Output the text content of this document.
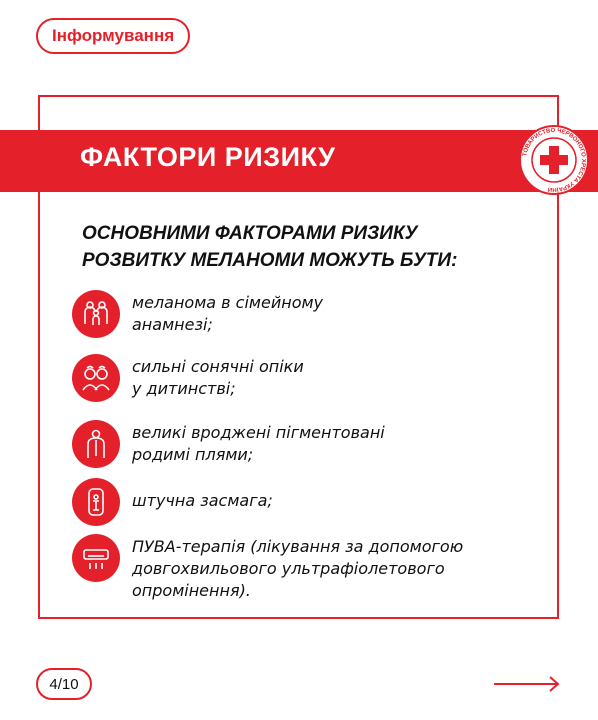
Інформування
ФАКТОРИ РИЗИКУ	ТОВАРИСТВО ЧЕРВОНОГО ХРЕСТА УКРАЇНИ
ОСНОВНИМИ ФАКТОРАМИ РИЗИКУ
РОЗВИТКУ МЕЛАНОМИ МОЖУТЬ БУТИ:
меланома в сімейному
анамнезі;
сильні сонячні опіки
у дитинстві;
великі вроджені пігментовані
родимі плями;
штучна засмага;
ПУВА-терапія (лікування за допомогою
довгохвильового ультрафіолетового
опромінення).
4/10
